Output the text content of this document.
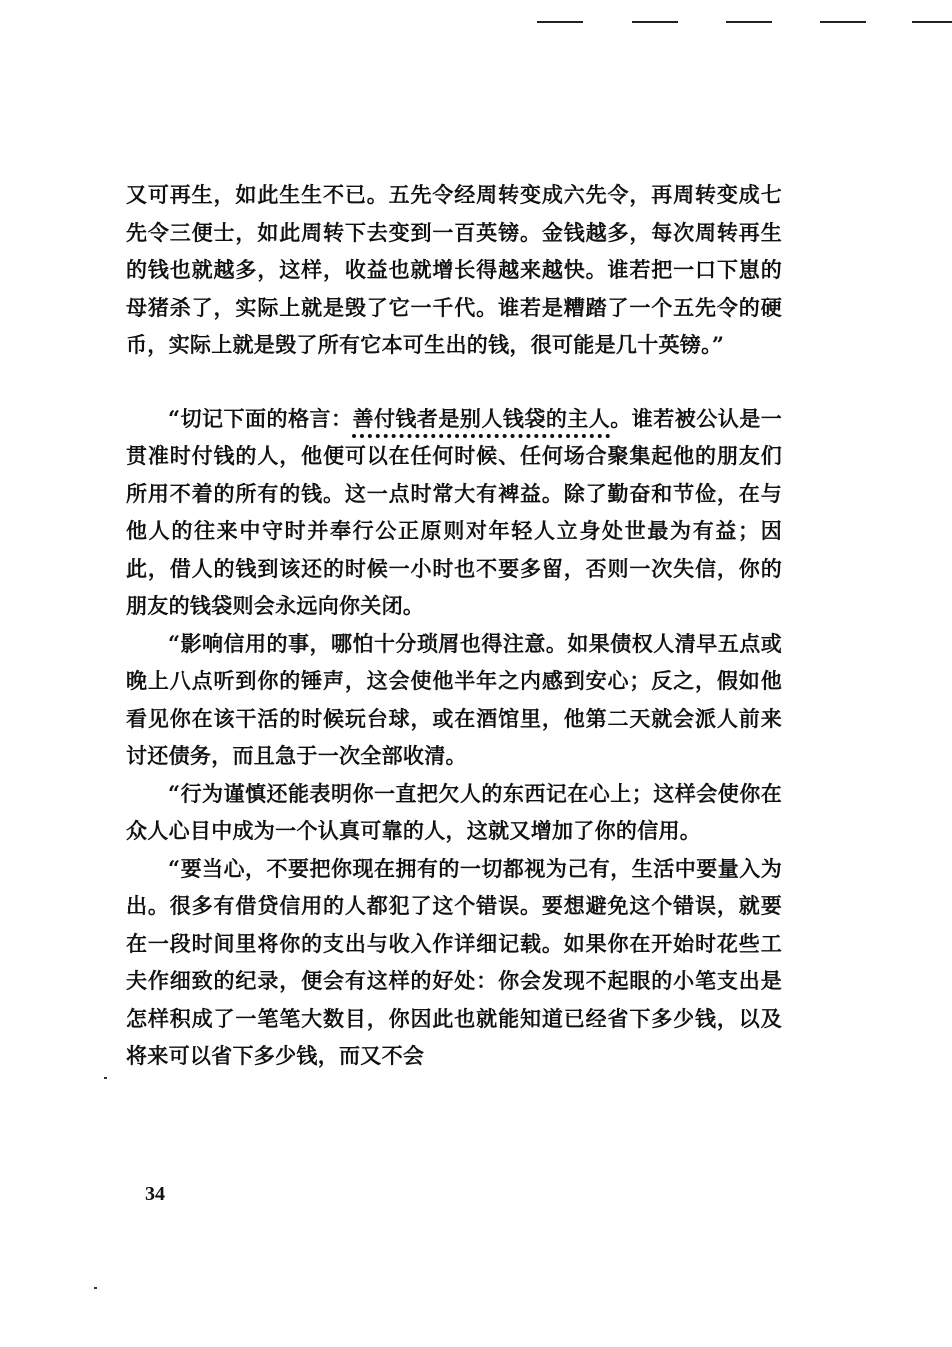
又可再生，如此生生不已。五先令经周转变成六先令，再周转变成七先令三便士，如此周转下去变到一百英镑。金钱越多，每次周转再生的钱也就越多，这样，收益也就增长得越来越快。谁若把一口下崽的母猪杀了，实际上就是毁了它一千代。谁若是糟踏了一个五先令的硬币，实际上就是毁了所有它本可生出的钱，很可能是几十英镑。”

“切记下面的格言：善付钱者是别人钱袋的主人。谁若被公认是一贯准时付钱的人，他便可以在任何时候、任何场合聚集起他的朋友们所用不着的所有的钱。这一点时常大有裨益。除了勤奋和节俭，在与他人的往来中守时并奉行公正原则对年轻人立身处世最为有益；因此，借人的钱到该还的时候一小时也不要多留，否则一次失信，你的朋友的钱袋则会永远向你关闭。

“影响信用的事，哪怕十分琐屑也得注意。如果债权人清早五点或晚上八点听到你的锤声，这会使他半年之内感到安心；反之，假如他看见你在该干活的时候玩台球，或在酒馆里，他第二天就会派人前来讨还债务，而且急于一次全部收清。

“行为谨慎还能表明你一直把欠人的东西记在心上；这样会使你在众人心目中成为一个认真可靠的人，这就又增加了你的信用。

“要当心，不要把你现在拥有的一切都视为己有，生活中要量入为出。很多有借贷信用的人都犯了这个错误。要想避免这个错误，就要在一段时间里将你的支出与收入作详细记载。如果你在开始时花些工夫作细致的纪录，便会有这样的好处：你会发现不起眼的小笔支出是怎样积成了一笔笔大数目，你因此也就能知道已经省下多少钱，以及将来可以省下多少钱，而又不会

34
